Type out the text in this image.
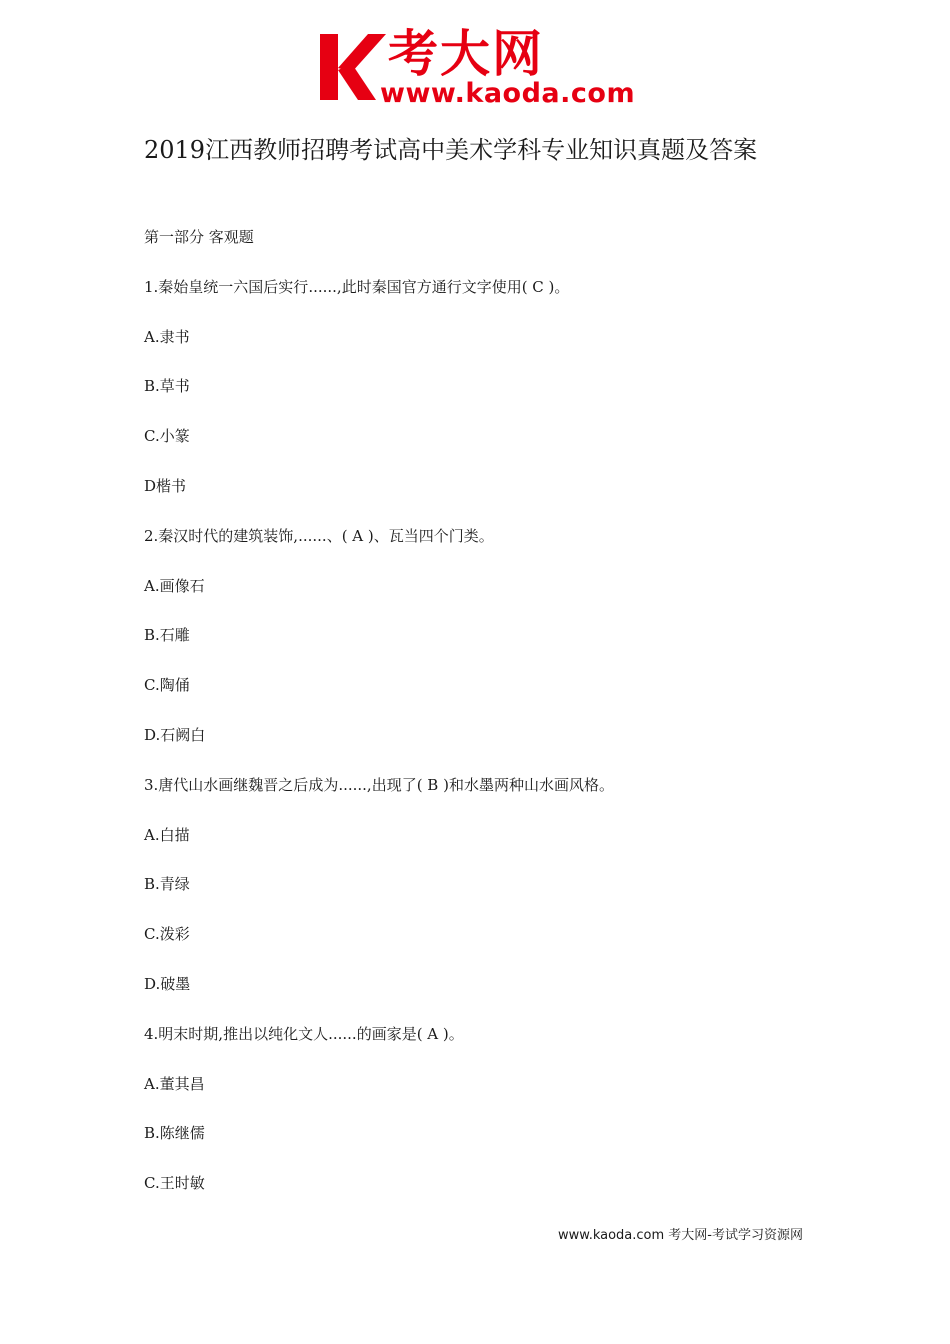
考大网
www.kaoda.com
2019江西教师招聘考试高中美术学科专业知识真题及答案
第一部分 客观题
1.秦始皇统一六国后实行......,此时秦国官方通行文字使用( C )。
A.隶书
B.草书
C.小篆
D楷书
2.秦汉时代的建筑装饰,......、( A )、瓦当四个门类。
A.画像石
B.石雕
C.陶俑
D.石阙白
3.唐代山水画继魏晋之后成为......,出现了( B )和水墨两种山水画风格。
A.白描
B.青绿
C.泼彩
D.破墨
4.明末时期,推出以纯化文人......的画家是( A )。
A.董其昌
B.陈继儒
C.王时敏
www.kaoda.com 考大网-考试学习资源网
